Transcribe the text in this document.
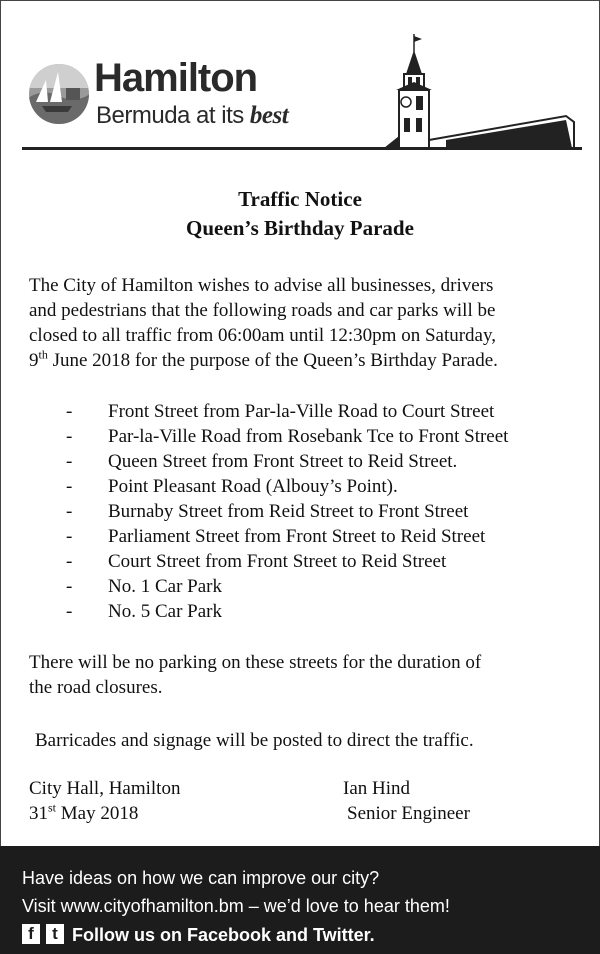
Hamilton
Bermuda at its best
Traffic Notice
Queen’s Birthday Parade
The City of Hamilton wishes to advise all businesses, drivers
and pedestrians that the following roads and car parks will be
closed to all traffic from 06:00am until 12:30pm on Saturday,
9th June 2018 for the purpose of the Queen’s Birthday Parade.
- Front Street from Par-la-Ville Road to Court Street
- Par-la-Ville Road from Rosebank Tce to Front Street
- Queen Street from Front Street to Reid Street.
- Point Pleasant Road (Albouy’s Point).
- Burnaby Street from Reid Street to Front Street
- Parliament Street from Front Street to Reid Street
- Court Street from Front Street to Reid Street
- No. 1 Car Park
- No. 5 Car Park
There will be no parking on these streets for the duration of
the road closures.
Barricades and signage will be posted to direct the traffic.
City Hall, Hamilton
31st May 2018
Ian Hind
Senior Engineer

Have ideas on how we can improve our city?

Visit www.cityofhamilton.bm – we’d love to hear them!

f	t Follow us on Facebook and Twitter.
